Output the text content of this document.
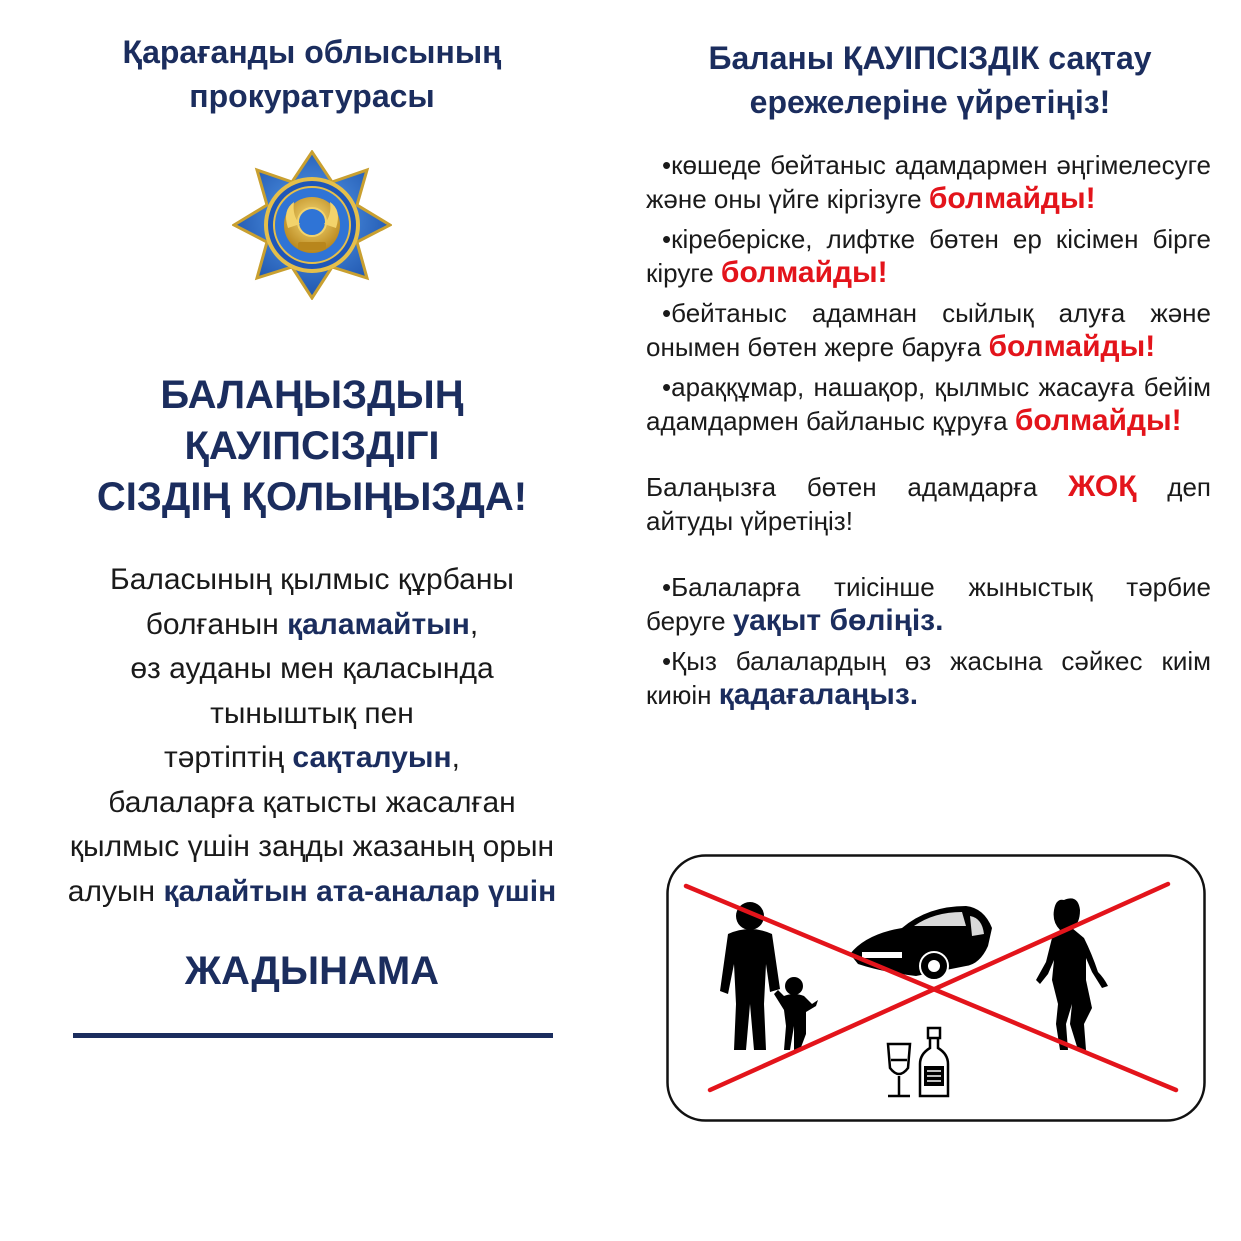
Қарағанды облысының

прокуратурасы

БАЛАҢЫЗДЫҢ
ҚАУІПСІЗДІГІ
СІЗДІҢ ҚОЛЫҢЫЗДА!
Баласының қылмыс құрбаны
болғанын қаламайтын,
өз ауданы мен қаласында
тыныштық пен
тәртіптің сақталуын,
балаларға қатысты жасалған
қылмыс үшін заңды жазаның орын
алуын қалайтын ата-аналар үшін
ЖАДЫНАМА
Баланы ҚАУІПСІЗДІК сақтау
ережелеріне үйретіңіз!

•көшеде бейтаныс адамдармен әңгімелесуге және оны үйге кіргізуге болмайды!

•кіреберіске, лифтке бөтен ер кісімен бірге кіруге болмайды!

•бейтаныс адамнан сыйлық алуға және онымен бөтен жерге баруға болмайды!

•араққұмар, нашақор, қылмыс жасауға бейім адамдармен байланыс құруға болмайды!

Балаңызға бөтен адамдарға ЖОҚ деп айтуды үйретіңіз!

•Балаларға тиісінше жыныстық тәрбие беруге уақыт бөліңіз.

•Қыз балалардың өз жасына сәйкес киім киюін қадағалаңыз.
